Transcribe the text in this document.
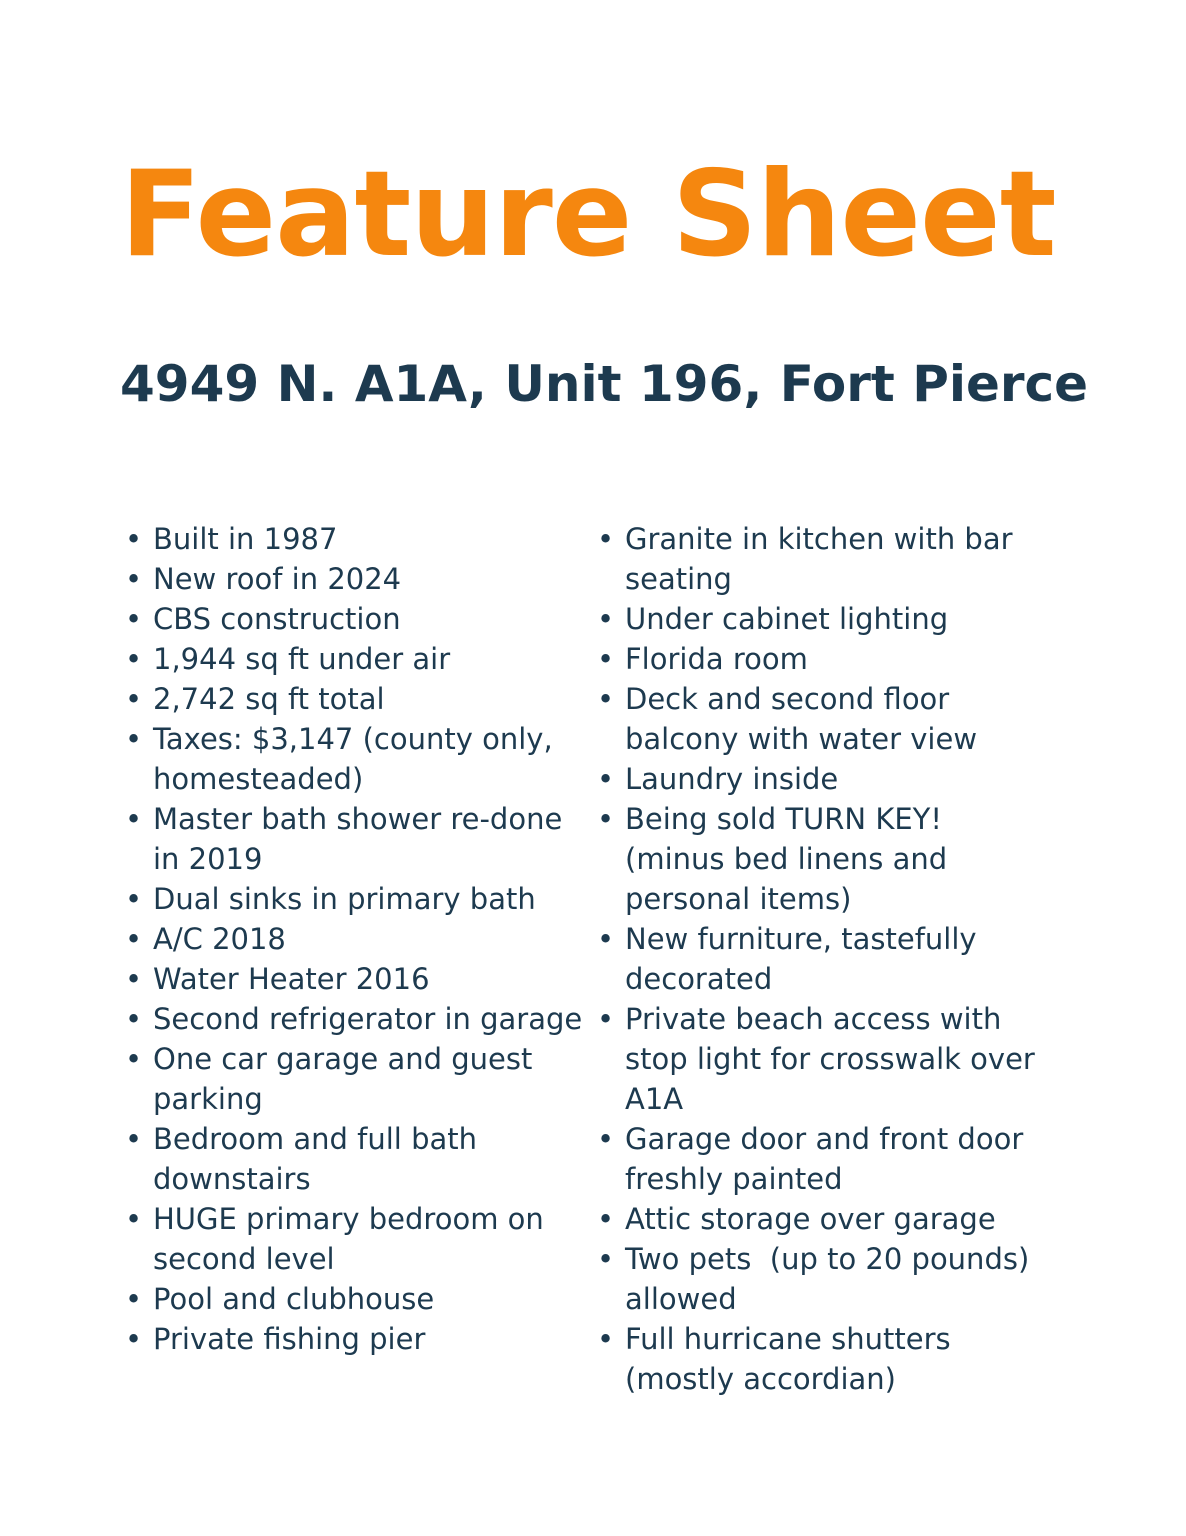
Feature Sheet
4949 N. A1A, Unit 196, Fort Pierce
• Built in 1987
• New roof in 2024
• CBS construction
• 1,944 sq ft under air
• 2,742 sq ft total
• Taxes: $3,147 (county only,
homesteaded)
• Master bath shower re-done
in 2019
• Dual sinks in primary bath
• A/C 2018
• Water Heater 2016
• Second refrigerator in garage
• One car garage and guest
parking
• Bedroom and full bath
downstairs
• HUGE primary bedroom on
second level
• Pool and clubhouse
• Private fishing pier
• Granite in kitchen with bar
seating
• Under cabinet lighting
• Florida room
• Deck and second floor
balcony with water view
• Laundry inside
• Being sold TURN KEY!
(minus bed linens and
personal items)
• New furniture, tastefully
decorated
• Private beach access with
stop light for crosswalk over
A1A
• Garage door and front door
freshly painted
• Attic storage over garage
• Two pets  (up to 20 pounds)
allowed
• Full hurricane shutters
(mostly accordian)
